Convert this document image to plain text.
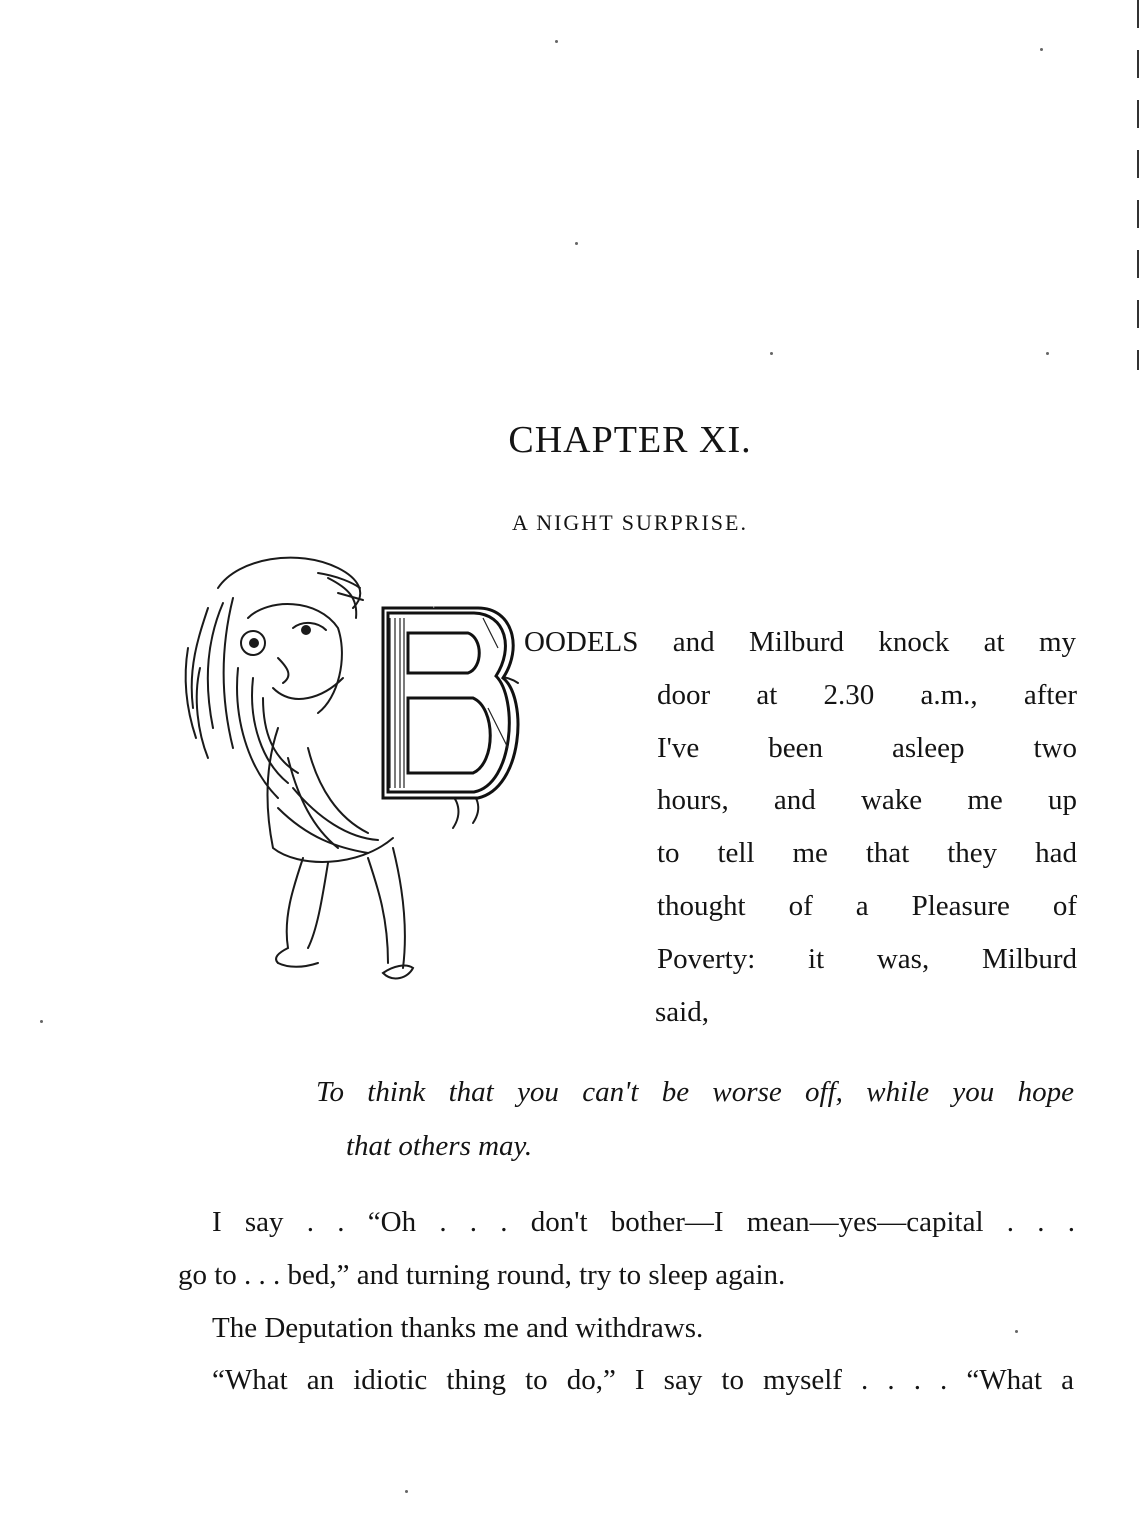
CHAPTER XI.
A NIGHT SURPRISE.
B
OODELS and Milburd knock at my
door at 2.30 a.m., after
I've been asleep two
hours, and wake me up
to tell me that they had
thought of a Pleasure of
Poverty: it was, Milburd
said,
To think that you can't be worse off, while you hope
that others may.
I say . . “Oh . . . don't bother—I mean—yes—capital . . .
go to . . . bed,” and turning round, try to sleep again.
The Deputation thanks me and withdraws.
“What an idiotic thing to do,” I say to myself . . . . “What a
